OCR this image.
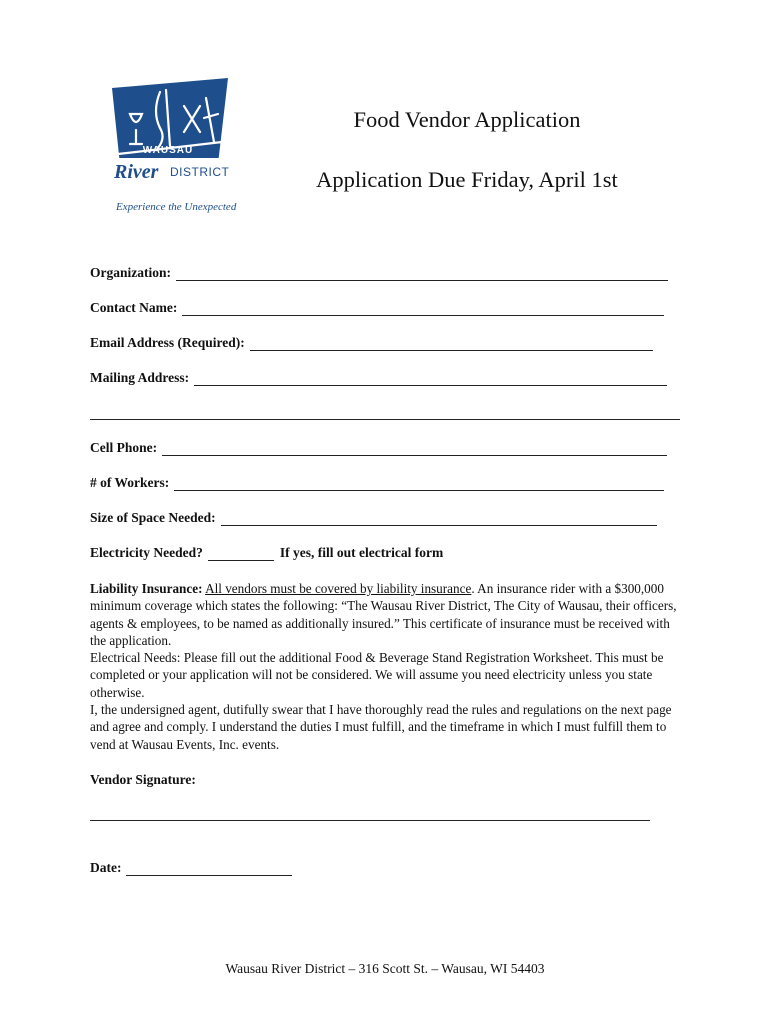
WAUSAU
River DISTRICT
Experience the Unexpected
Food Vendor Application
Application Due Friday, April 1st
Organization:
Contact Name:
Email Address (Required):
Mailing Address:
Cell Phone:
# of Workers:
Size of Space Needed:
Electricity Needed?	If yes, fill out electrical form

Liability Insurance: All vendors must be covered by liability insurance. An insurance rider with a $300,000 minimum coverage which states the following: “The Wausau River District, The City of Wausau, their officers, agents & employees, to be named as additionally insured.” This certificate of insurance must be received with the application.

Electrical Needs: Please fill out the additional Food & Beverage Stand Registration Worksheet. This must be completed or your application will not be considered. We will assume you need electricity unless you state otherwise.

I, the undersigned agent, dutifully swear that I have thoroughly read the rules and regulations on the next page and agree and comply. I understand the duties I must fulfill, and the timeframe in which I must fulfill them to vend at Wausau Events, Inc. events.

Vendor Signature:
Date:
Wausau River District – 316 Scott St. – Wausau, WI 54403
